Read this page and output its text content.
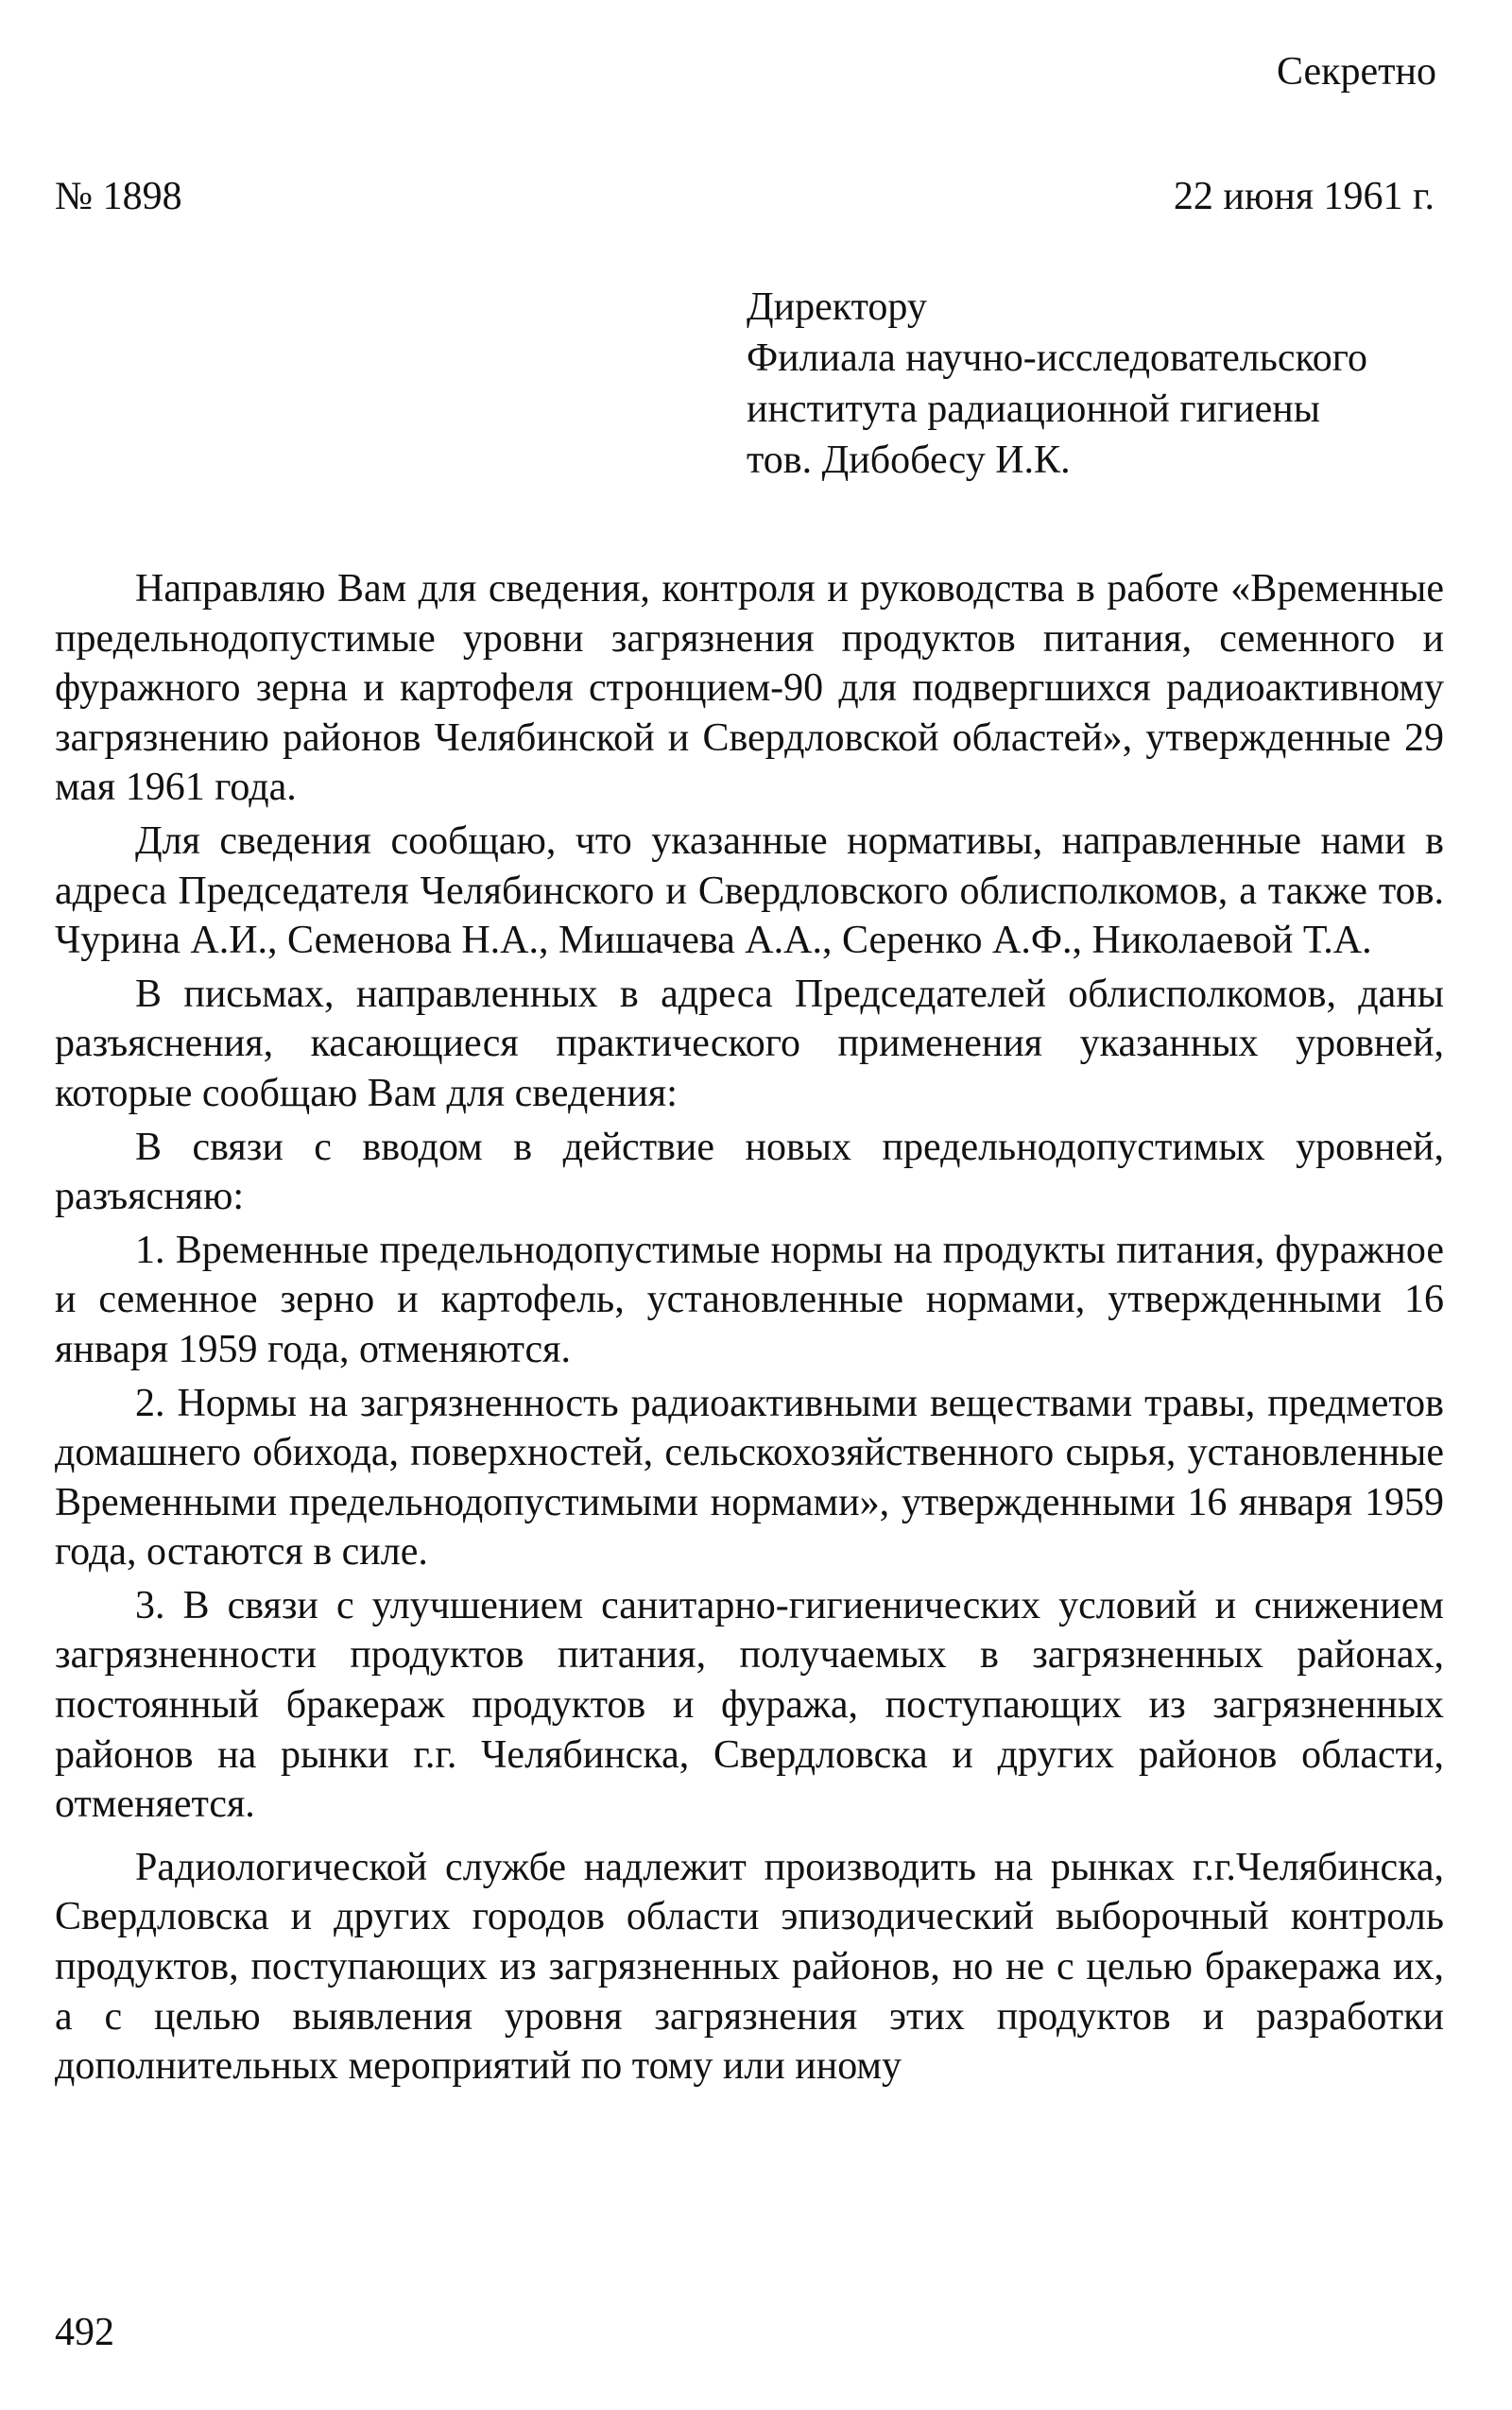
Секретно
№ 1898	22 июня 1961 г.
Директору
Филиала научно-исследовательского
института радиационной гигиены
тов. Дибобесу И.К.

Направляю Вам для сведения, контроля и руководства в работе «Временные предельнодопустимые уровни загрязнения продуктов питания, семенного и фуражного зерна и картофеля стронцием-90 для подвергшихся радиоактивному загрязнению районов Челябинской и Свердловской областей», утвержденные 29 мая 1961 года.

Для сведения сообщаю, что указанные нормативы, направленные нами в адреса Председателя Челябинского и Свердловского облисполкомов, а также тов. Чурина А.И., Семенова Н.А., Мишачева А.А., Серенко А.Ф., Николаевой Т.А.

В письмах, направленных в адреса Председателей облисполкомов, даны разъяснения, касающиеся практического применения указанных уровней, которые сообщаю Вам для сведения:

В связи с вводом в действие новых предельнодопустимых уровней, разъясняю:

1. Временные предельнодопустимые нормы на продукты питания, фуражное и семенное зерно и картофель, установленные нормами, утвержденными 16 января 1959 года, отменяются.

2. Нормы на загрязненность радиоактивными веществами травы, предметов домашнего обихода, поверхностей, сельскохозяйственного сырья, установленные Временными предельнодопустимыми нормами», утвержденными 16 января 1959 года, остаются в силе.

3. В связи с улучшением санитарно-гигиенических условий и снижением загрязненности продуктов питания, получаемых в загрязненных районах, постоянный бракераж продуктов и фуража, поступающих из загрязненных районов на рынки г.г. Челябинска, Свердловска и других районов области, отменяется.

Радиологической службе надлежит производить на рынках г.г.Челябинска, Свердловска и других городов области эпизодический выборочный контроль продуктов, поступающих из загрязненных районов, но не с целью бракеража их, а с целью выявления уровня загрязнения этих продуктов и разработки дополнительных мероприятий по тому или иному

492
